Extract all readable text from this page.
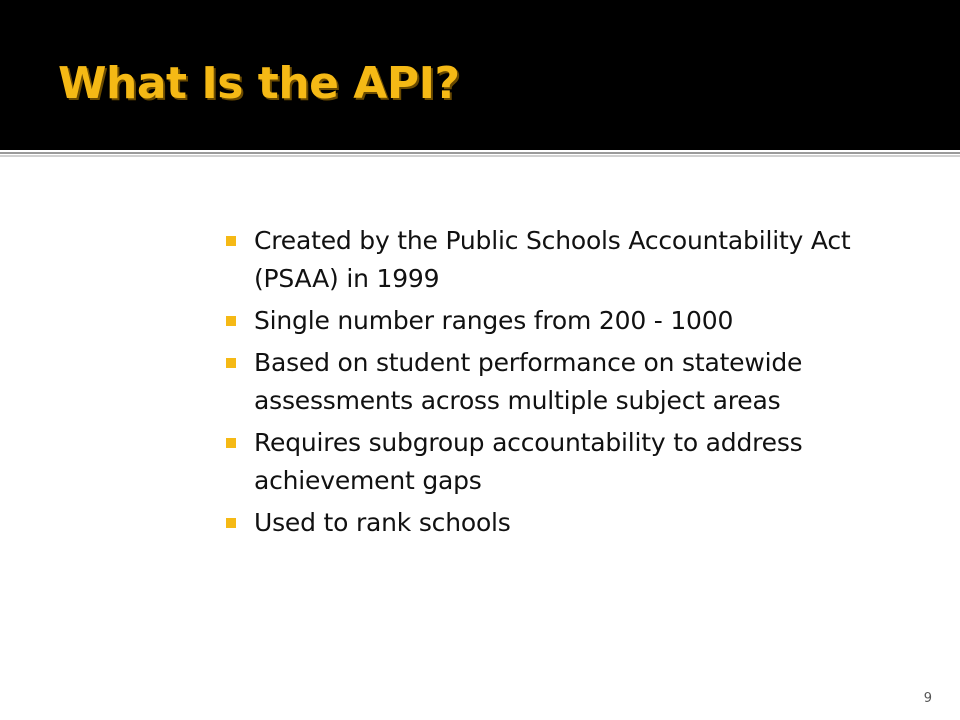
What Is the API?
Created by the Public Schools Accountability Act (PSAA) in 1999
Single number ranges from 200 - 1000
Based on student performance on statewide assessments across multiple subject areas
Requires subgroup accountability to address achievement gaps
Used to rank schools
9
